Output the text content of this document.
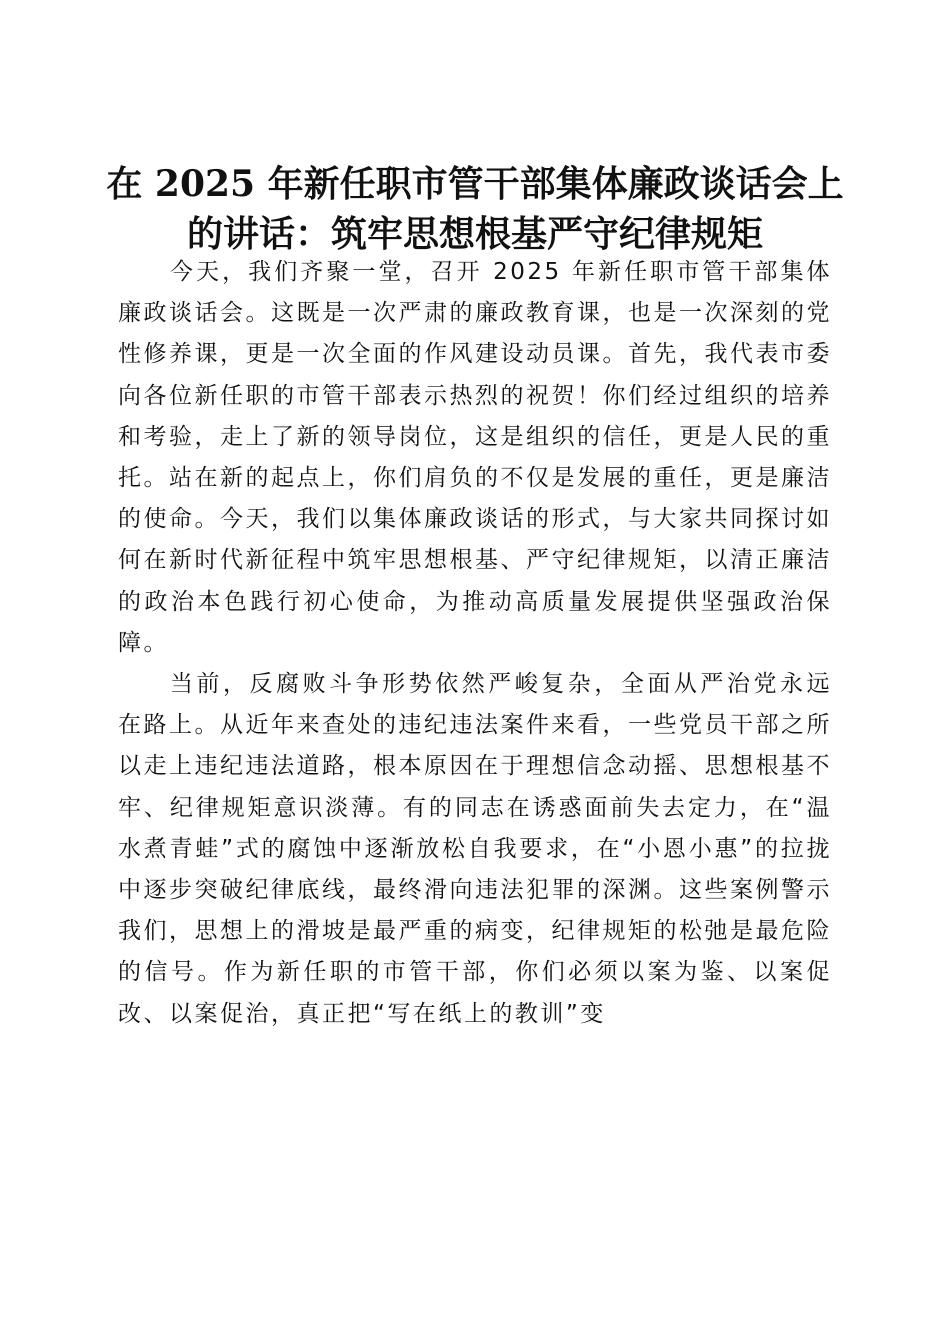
在 2025 年新任职市管干部集体廉政谈话会上
的讲话：筑牢思想根基严守纪律规矩

今天，我们齐聚一堂，召开 2025 年新任职市管干部集体廉政谈话会。这既是一次严肃的廉政教育课，也是一次深刻的党性修养课，更是一次全面的作风建设动员课。首先，我代表市委向各位新任职的市管干部表示热烈的祝贺！你们经过组织的培养和考验，走上了新的领导岗位，这是组织的信任，更是人民的重托。站在新的起点上，你们肩负的不仅是发展的重任，更是廉洁的使命。今天，我们以集体廉政谈话的形式，与大家共同探讨如何在新时代新征程中筑牢思想根基、严守纪律规矩，以清正廉洁的政治本色践行初心使命，为推动高质量发展提供坚强政治保障。

当前，反腐败斗争形势依然严峻复杂，全面从严治党永远在路上。从近年来查处的违纪违法案件来看，一些党员干部之所以走上违纪违法道路，根本原因在于理想信念动摇、思想根基不牢、纪律规矩意识淡薄。有的同志在诱惑面前失去定力，在“温水煮青蛙”式的腐蚀中逐渐放松自我要求，在“小恩小惠”的拉拢中逐步突破纪律底线，最终滑向违法犯罪的深渊。这些案例警示我们，思想上的滑坡是最严重的病变，纪律规矩的松弛是最危险的信号。作为新任职的市管干部，你们必须以案为鉴、以案促改、以案促治，真正把“写在纸上的教训”变
